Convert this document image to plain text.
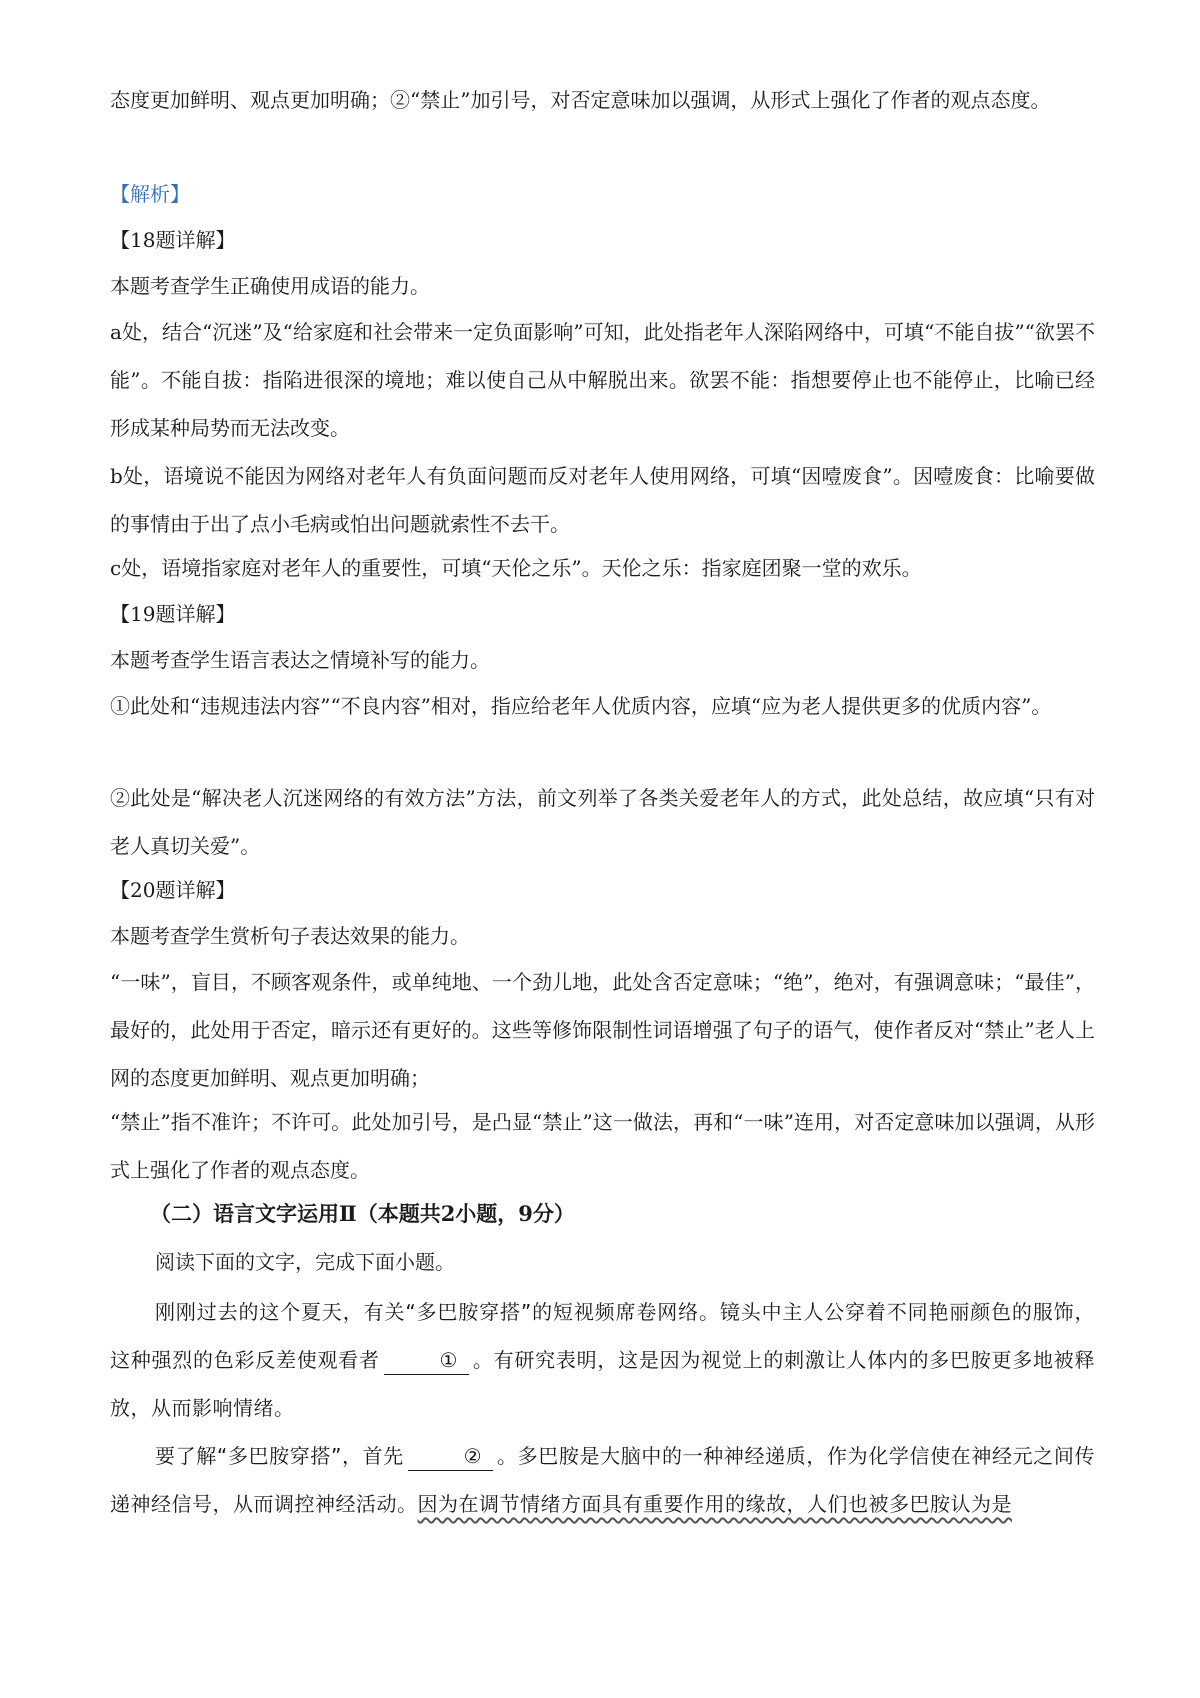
态度更加鲜明、观点更加明确；②“禁止”加引号，对否定意味加以强调，从形式上强化了作者的观点态度。

【解析】

【18题详解】

本题考查学生正确使用成语的能力。

a处，结合“沉迷”及“给家庭和社会带来一定负面影响”可知，此处指老年人深陷网络中，可填“不能自拔”“欲罢不能”。不能自拔：指陷进很深的境地；难以使自己从中解脱出来。欲罢不能：指想要停止也不能停止，比喻已经形成某种局势而无法改变。

b处，语境说不能因为网络对老年人有负面问题而反对老年人使用网络，可填“因噎废食”。因噎废食：比喻要做的事情由于出了点小毛病或怕出问题就索性不去干。

c处，语境指家庭对老年人的重要性，可填“天伦之乐”。天伦之乐：指家庭团聚一堂的欢乐。

【19题详解】

本题考查学生语言表达之情境补写的能力。

①此处和“违规违法内容”“不良内容”相对，指应给老年人优质内容，应填“应为老人提供更多的优质内容”。

②此处是“解决老人沉迷网络的有效方法”方法，前文列举了各类关爱老年人的方式，此处总结，故应填“只有对老人真切关爱”。

【20题详解】

本题考查学生赏析句子表达效果的能力。

“一味”，盲目，不顾客观条件，或单纯地、一个劲儿地，此处含否定意味；“绝”，绝对，有强调意味；“最佳”，最好的，此处用于否定，暗示还有更好的。这些等修饰限制性词语增强了句子的语气，使作者反对“禁止”老人上网的态度更加鲜明、观点更加明确；

“禁止”指不准许；不许可。此处加引号，是凸显“禁止”这一做法，再和“一味”连用，对否定意味加以强调，从形式上强化了作者的观点态度。

（二）语言文字运用Ⅱ（本题共2小题，9分）

阅读下面的文字，完成下面小题。

刚刚过去的这个夏天，有关“多巴胺穿搭”的短视频席卷网络。镜头中主人公穿着不同艳丽颜色的服饰，这种强烈的色彩反差使观看者	① 。有研究表明，这是因为视觉上的刺激让人体内的多巴胺更多地被释放，从而影响情绪。

要了解“多巴胺穿搭”，首先	② 。多巴胺是大脑中的一种神经递质，作为化学信使在神经元之间传递神经信号，从而调控神经活动。因为在调节情绪方面具有重要作用的缘故，人们也被多巴胺认为是
